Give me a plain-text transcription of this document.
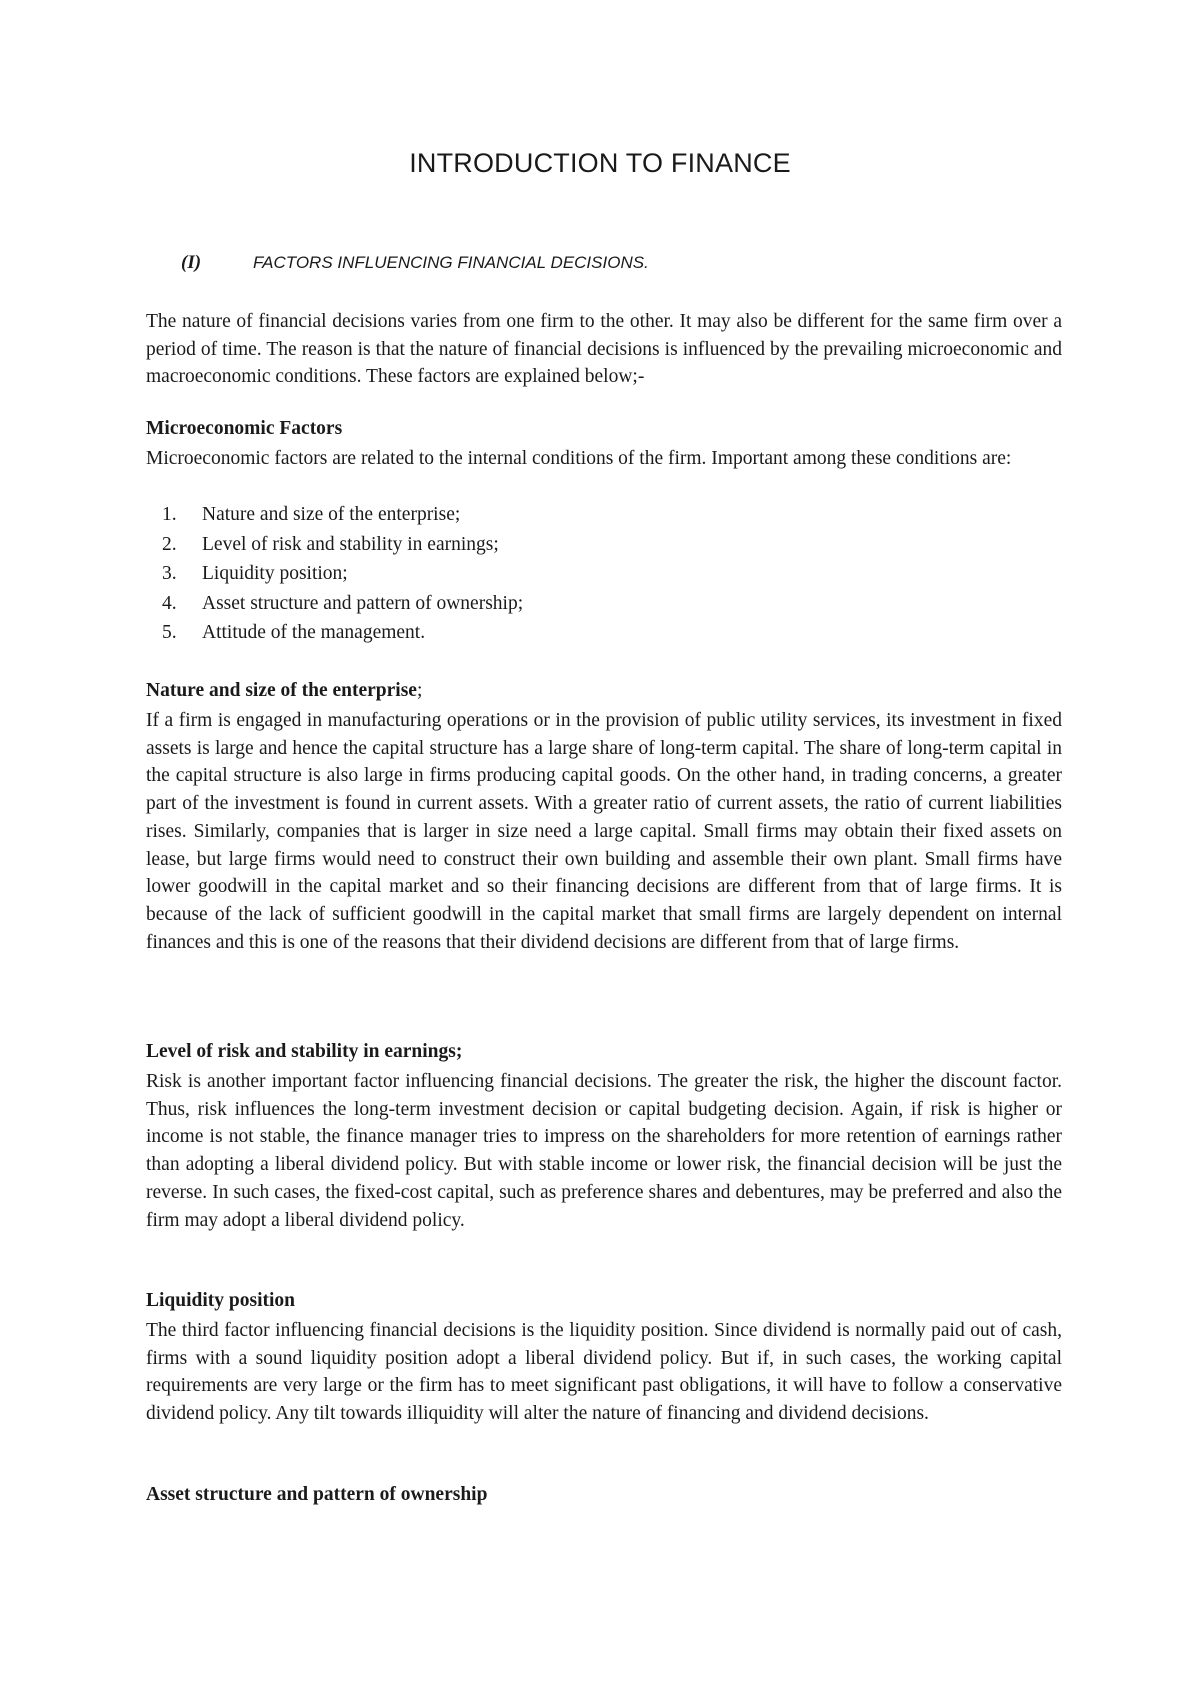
INTRODUCTION TO FINANCE

(I)	FACTORS INFLUENCING FINANCIAL DECISIONS.

The nature of financial decisions varies from one firm to the other. It may also be different for the same firm over a period of time. The reason is that the nature of financial decisions is influenced by the prevailing microeconomic and macroeconomic conditions. These factors are explained below;-

Microeconomic Factors

Microeconomic factors are related to the internal conditions of the firm. Important among these conditions are:

1.	Nature and size of the enterprise;
2.	Level of risk and stability in earnings;
3.	Liquidity position;
4.	Asset structure and pattern of ownership;
5.	Attitude of the management.

Nature and size of the enterprise;

If a firm is engaged in manufacturing operations or in the provision of public utility services, its investment in fixed assets is large and hence the capital structure has a large share of long-term capital. The share of long-term capital in the capital structure is also large in firms producing capital goods. On the other hand, in trading concerns, a greater part of the investment is found in current assets. With a greater ratio of current assets, the ratio of current liabilities rises. Similarly, companies that is larger in size need a large capital. Small firms may obtain their fixed assets on lease, but large firms would need to construct their own building and assemble their own plant. Small firms have lower goodwill in the capital market and so their financing decisions are different from that of large firms. It is because of the lack of sufficient goodwill in the capital market that small firms are largely dependent on internal finances and this is one of the reasons that their dividend decisions are different from that of large firms.

Level of risk and stability in earnings;

Risk is another important factor influencing financial decisions. The greater the risk, the higher the discount factor. Thus, risk influences the long-term investment decision or capital budgeting decision. Again, if risk is higher or income is not stable, the finance manager tries to impress on the shareholders for more retention of earnings rather than adopting a liberal dividend policy. But with stable income or lower risk, the financial decision will be just the reverse. In such cases, the fixed-cost capital, such as preference shares and debentures, may be preferred and also the firm may adopt a liberal dividend policy.

Liquidity position

The third factor influencing financial decisions is the liquidity position. Since dividend is normally paid out of cash, firms with a sound liquidity position adopt a liberal dividend policy. But if, in such cases, the working capital requirements are very large or the firm has to meet significant past obligations, it will have to follow a conservative dividend policy. Any tilt towards illiquidity will alter the nature of financing and dividend decisions.

Asset structure and pattern of ownership
